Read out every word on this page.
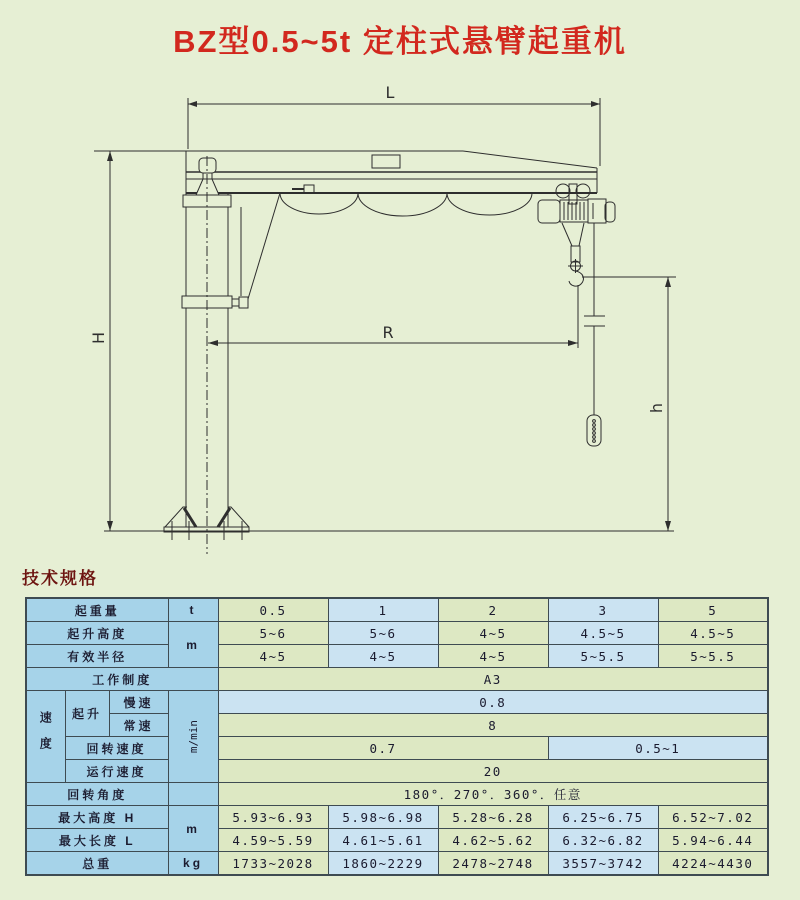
BZ型0.5~5t 定柱式悬臂起重机
L
H	R
h
技术规格
起重量			t	0.5	1	2	3	5
起升高度			m	5~6	5~6	4~5	4.5~5	4.5~5
有效半径				4~5	4~5	4~5	5~5.5	5~5.5
工作制度				A3				

速度	起升	慢速	m/min	0.8				
		常速		8				
	回转速度			0.7			0.5~1	
	运行速度			20				
回转角度				180°．270°．360°．任意				
最大高度 H			m	5.93~6.93	5.98~6.98	5.28~6.28	6.25~6.75	6.52~7.02
最大长度 L				4.59~5.59	4.61~5.61	4.62~5.62	6.32~6.82	5.94~6.44
总重			kg	1733~2028	1860~2229	2478~2748	3557~3742	4224~4430
